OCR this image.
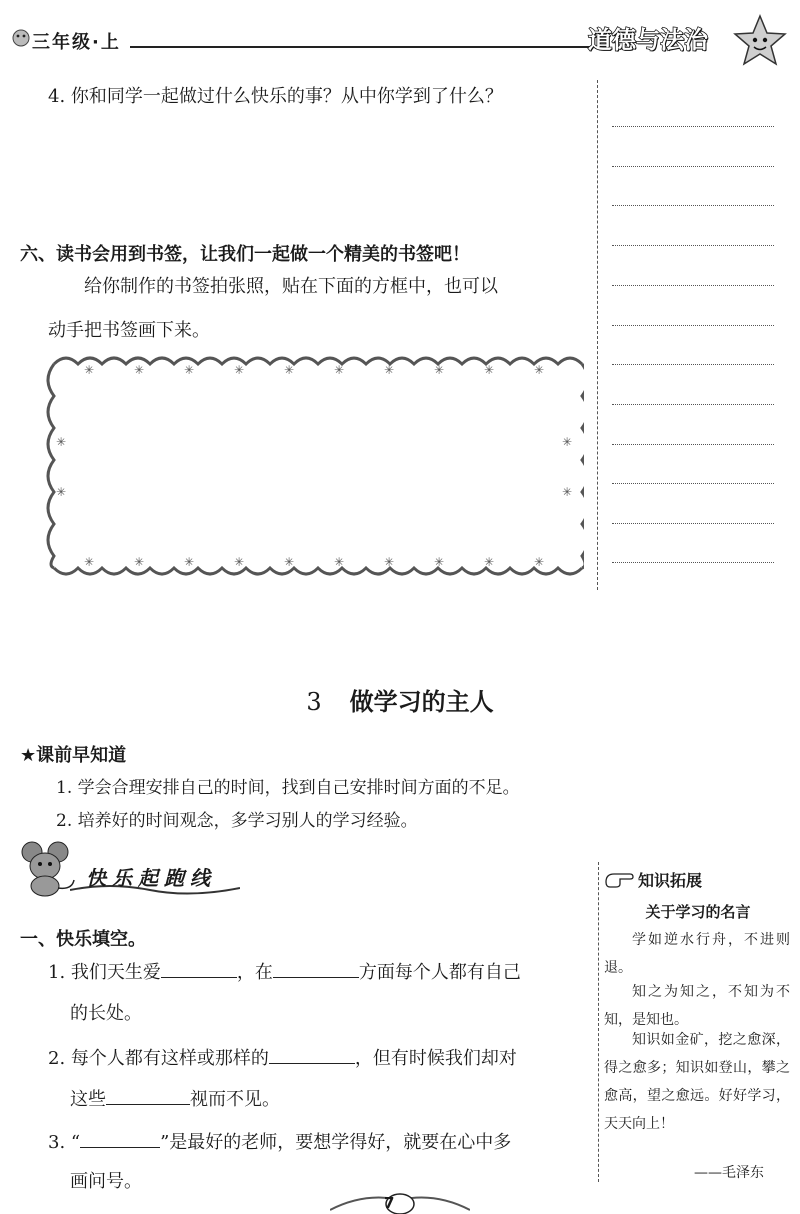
三年级·上	道德与法治
4. 你和同学一起做过什么快乐的事？从中你学到了什么？
六、读书会用到书签，让我们一起做一个精美的书签吧！
给你制作的书签拍张照，贴在下面的方框中，也可以
动手把书签画下来。
✳	✳	✳	✳	✳	✳	✳	✳	✳	✳
✳	✳	✳	✳	✳	✳	✳	✳	✳	✳
✳
✳
✳
✳
3 做学习的主人
★课前早知道
1. 学会合理安排自己的时间，找到自己安排时间方面的不足。
2. 培养好的时间观念，多学习别人的学习经验。
快乐起跑线
一、快乐填空。
1. 我们天生爱	，在	方面每个人都有自己
的长处。
2. 每个人都有这样或那样的	，但有时候我们却对
这些	视而不见。
3. “	”是最好的老师，要想学得好，就要在心中多
画问号。
知识拓展
关于学习的名言
学如逆水行舟，不进则退。
知之为知之，不知为不知，是知也。
知识如金矿，挖之愈深，得之愈多；知识如登山，攀之愈高，望之愈远。好好学习，天天向上！
——毛泽东
7
